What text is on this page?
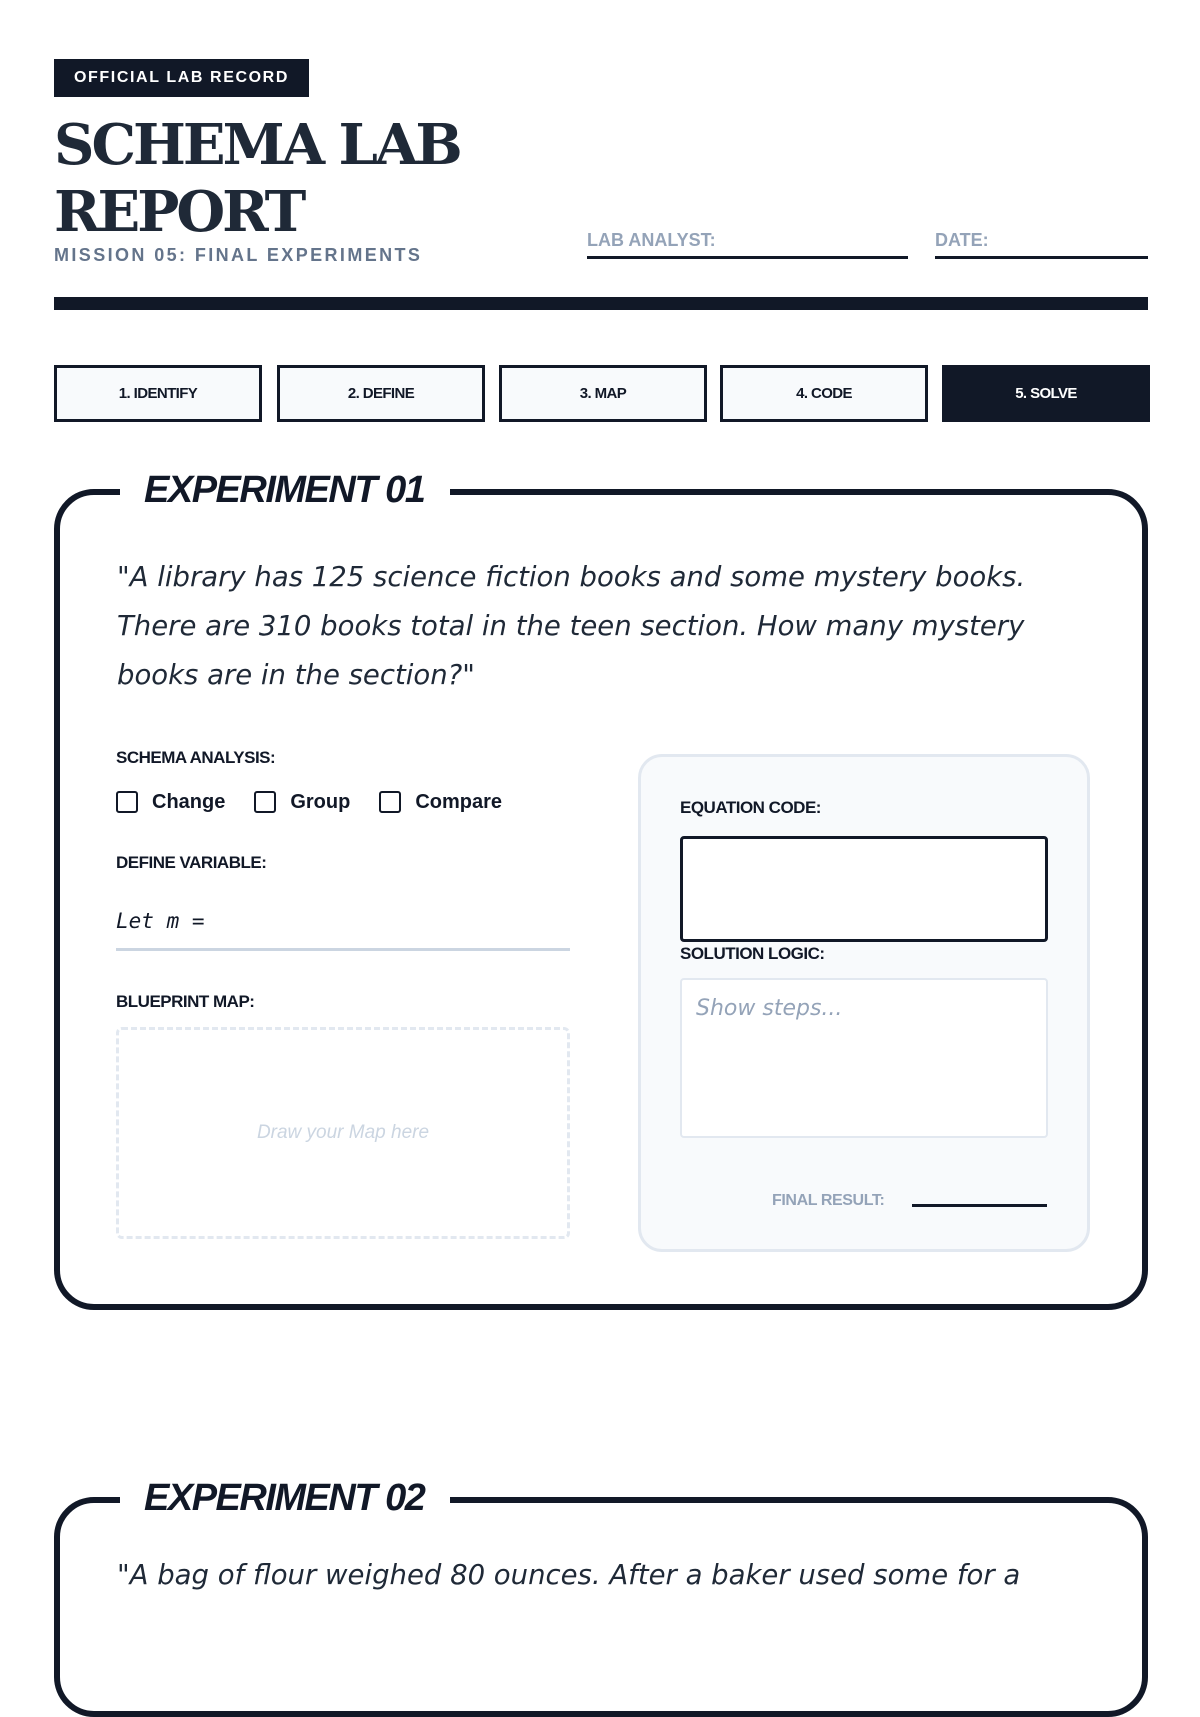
OFFICIAL LAB RECORD
SCHEMA LAB REPORT
MISSION 05: FINAL EXPERIMENTS
LAB ANALYST:	DATE:
1. IDENTIFY	2. DEFINE	3. MAP	4. CODE	5. SOLVE
EXPERIMENT 01

"A library has 125 science fiction books and some mystery books. There are 310 books total in the teen section. How many mystery books are in the section?"

SCHEMA ANALYSIS:
Change	Group	Compare
DEFINE VARIABLE:
Let m =
BLUEPRINT MAP:
Draw your Map here
EQUATION CODE:
SOLUTION LOGIC:
Show steps...
FINAL RESULT:
EXPERIMENT 02

"A bag of flour weighed 80 ounces. After a baker used some for a
